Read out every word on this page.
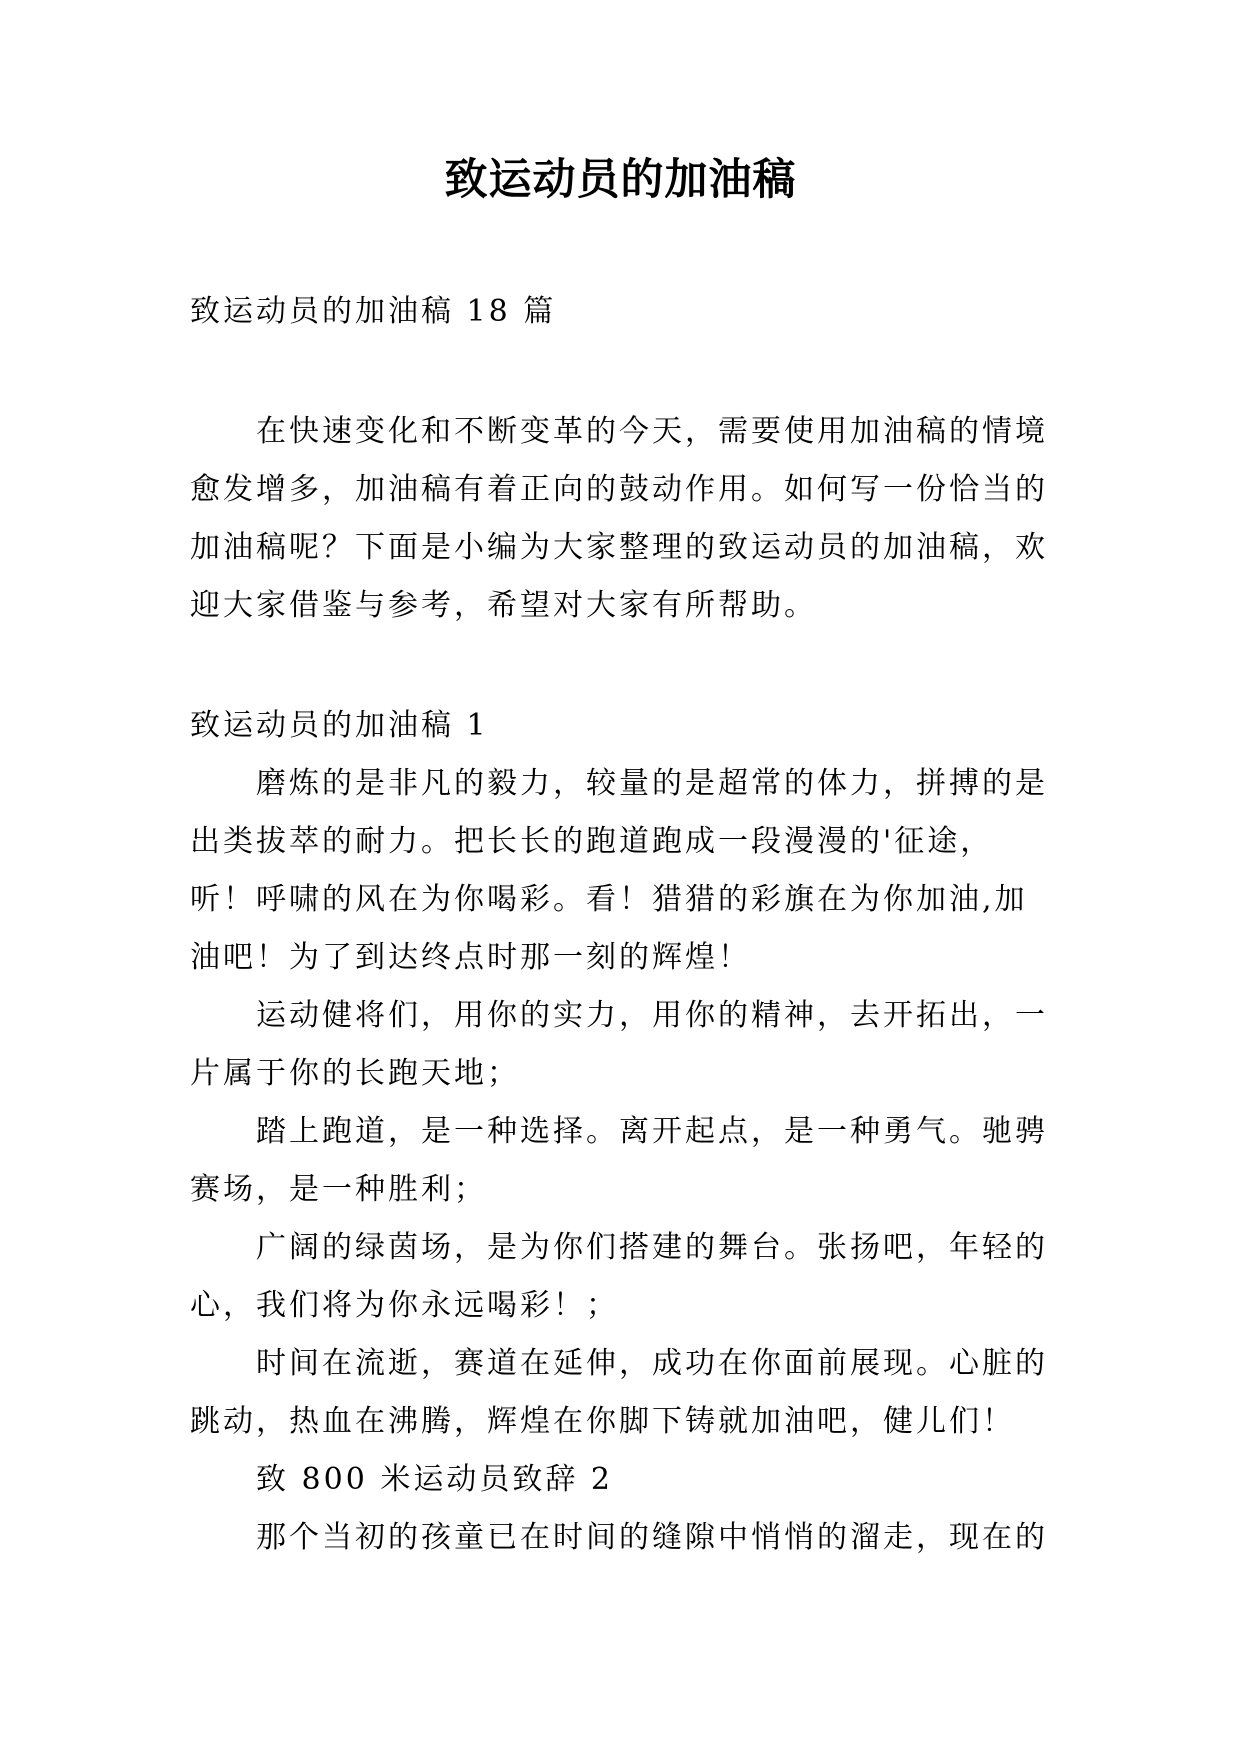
致运动员的加油稿

致运动员的加油稿 18 篇

在快速变化和不断变革的今天，需要使用加油稿的情境愈发增多，加油稿有着正向的鼓动作用。如何写一份恰当的加油稿呢？下面是小编为大家整理的致运动员的加油稿，欢迎大家借鉴与参考，希望对大家有所帮助。

致运动员的加油稿 1

磨炼的是非凡的毅力，较量的是超常的体力，拼搏的是出类拔萃的耐力。把长长的跑道跑成一段漫漫的'征途，听！呼啸的风在为你喝彩。看！猎猎的彩旗在为你加油,加油吧！为了到达终点时那一刻的辉煌！

运动健将们，用你的实力，用你的精神，去开拓出，一片属于你的长跑天地；

踏上跑道，是一种选择。离开起点，是一种勇气。驰骋赛场，是一种胜利；

广阔的绿茵场，是为你们搭建的舞台。张扬吧，年轻的心，我们将为你永远喝彩！；

时间在流逝，赛道在延伸，成功在你面前展现。心脏的跳动，热血在沸腾，辉煌在你脚下铸就加油吧，健儿们！

致 800 米运动员致辞 2

那个当初的孩童已在时间的缝隙中悄悄的溜走，现在的
